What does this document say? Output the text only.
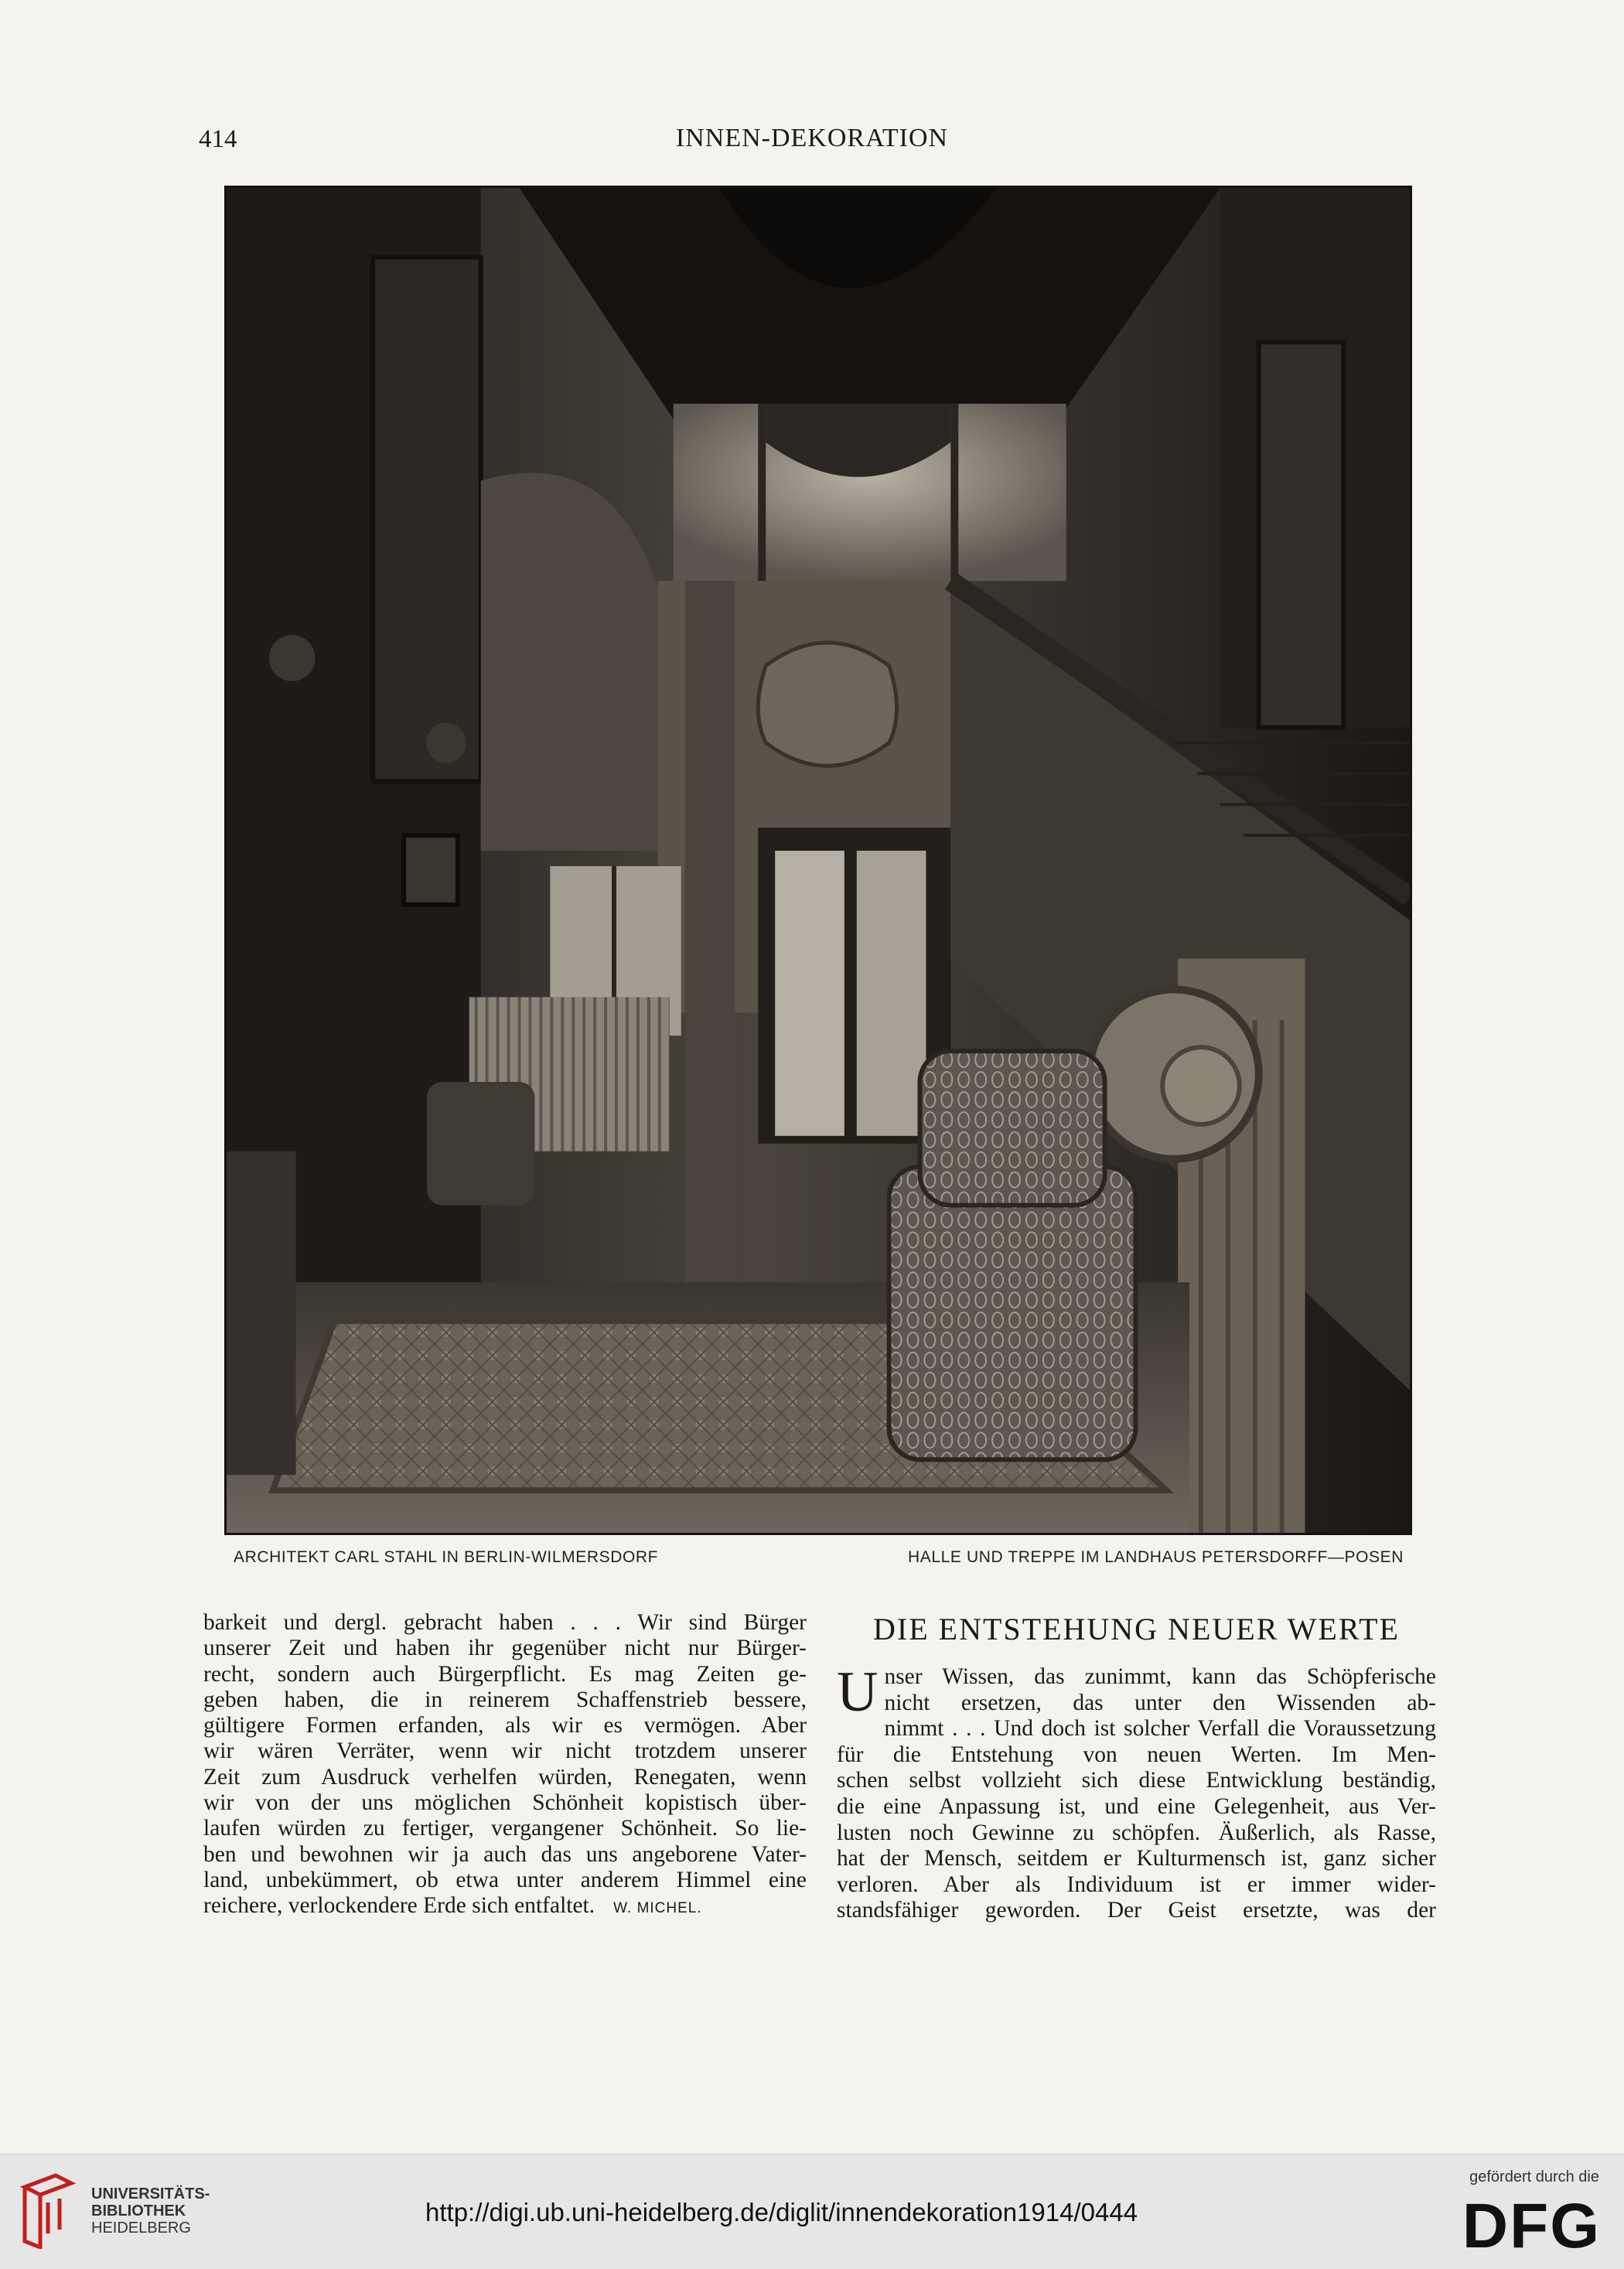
414	INNEN-DEKORATION
ARCHITEKT CARL STAHL IN BERLIN-WILMERSDORF	HALLE UND TREPPE IM LANDHAUS PETERSDORFF—POSEN
barkeit und dergl. gebracht haben . . . Wir sind Bürger
unserer Zeit und haben ihr gegenüber nicht nur Bürger-
recht, sondern auch Bürgerpflicht. Es mag Zeiten ge-
geben haben, die in reinerem Schaffenstrieb bessere,
gültigere Formen erfanden, als wir es vermögen. Aber
wir wären Verräter, wenn wir nicht trotzdem unserer
Zeit zum Ausdruck verhelfen würden, Renegaten, wenn
wir von der uns möglichen Schönheit kopistisch über-
laufen würden zu fertiger, vergangener Schönheit. So lie-
ben und bewohnen wir ja auch das uns angeborene Vater-
land, unbekümmert, ob etwa unter anderem Himmel eine
reichere, verlockendere Erde sich entfaltet. W. MICHEL.
DIE ENTSTEHUNG NEUER WERTE
U nser Wissen, das zunimmt, kann das Schöpferische
nicht ersetzen, das unter den Wissenden ab-
nimmt . . . Und doch ist solcher Verfall die Voraussetzung
für die Entstehung von neuen Werten. Im Men-
schen selbst vollzieht sich diese Entwicklung beständig,
die eine Anpassung ist, und eine Gelegenheit, aus Ver-
lusten noch Gewinne zu schöpfen. Äußerlich, als Rasse,
hat der Mensch, seitdem er Kulturmensch ist, ganz sicher
verloren. Aber als Individuum ist er immer wider-
standsfähiger geworden. Der Geist ersetzte, was der
UNIVERSITÄTS-
BIBLIOTHEK
HEIDELBERG
http://digi.ub.uni-heidelberg.de/diglit/innendekoration1914/0444
gefördert durch die
DFG
